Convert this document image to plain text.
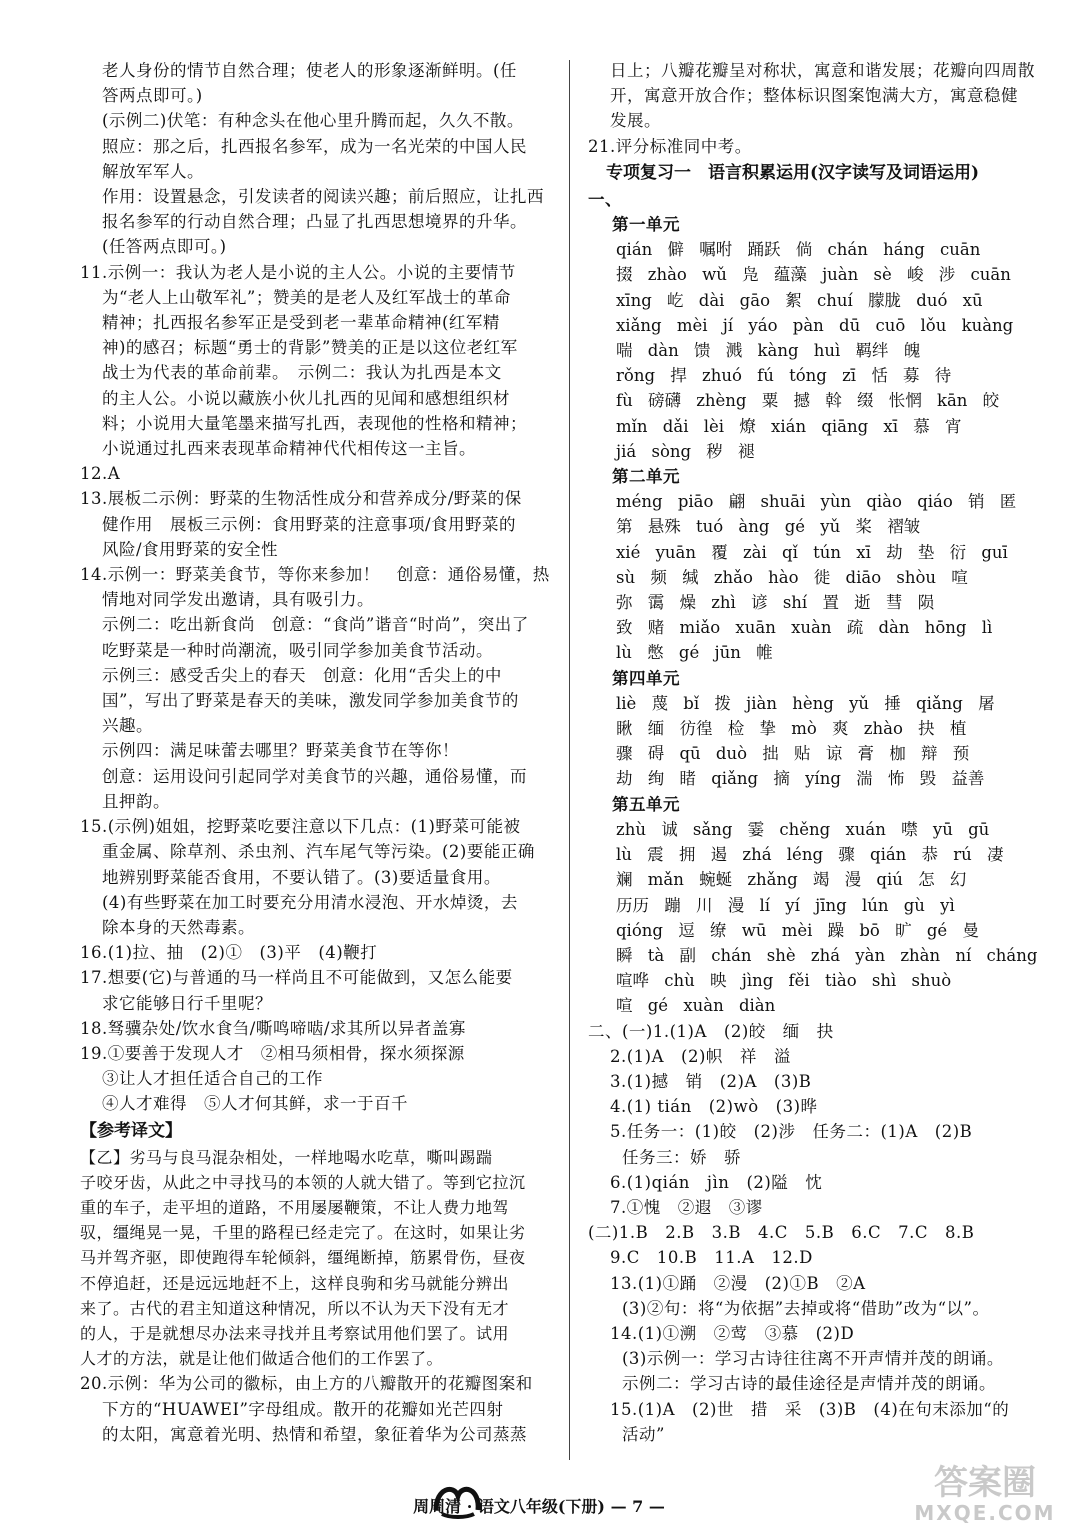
老人身份的情节自然合理；使老人的形象逐渐鲜明。(任
答两点即可。)
(示例二)伏笔：有种念头在他心里升腾而起，久久不散。
照应：那之后，扎西报名参军，成为一名光荣的中国人民
解放军军人。
作用：设置悬念，引发读者的阅读兴趣；前后照应，让扎西
报名参军的行动自然合理；凸显了扎西思想境界的升华。
(任答两点即可。)
11.示例一：我认为老人是小说的主人公。小说的主要情节
为“老人上山敬军礼”；赞美的是老人及红军战士的革命
精神；扎西报名参军正是受到老一辈革命精神(红军精
神)的感召；标题“勇士的背影”赞美的正是以这位老红军
战士为代表的革命前辈。　示例二：我认为扎西是本文
的主人公。小说以藏族小伙儿扎西的见闻和感想组织材
料；小说用大量笔墨来描写扎西，表现他的性格和精神；
小说通过扎西来表现革命精神代代相传这一主旨。
12.A
13.展板二示例：野菜的生物活性成分和营养成分/野菜的保
健作用　展板三示例：食用野菜的注意事项/食用野菜的
风险/食用野菜的安全性
14.示例一：野菜美食节，等你来参加！　创意：通俗易懂，热
情地对同学发出邀请，具有吸引力。
示例二：吃出新食尚　创意：“食尚”谐音“时尚”，突出了
吃野菜是一种时尚潮流，吸引同学参加美食节活动。
示例三：感受舌尖上的春天　创意：化用“舌尖上的中
国”，写出了野菜是春天的美味，激发同学参加美食节的
兴趣。
示例四：满足味蕾去哪里？野菜美食节在等你！
创意：运用设问引起同学对美食节的兴趣，通俗易懂，而
且押韵。
15.(示例)姐姐，挖野菜吃要注意以下几点：(1)野菜可能被
重金属、除草剂、杀虫剂、汽车尾气等污染。(2)要能正确
地辨别野菜能否食用，不要认错了。(3)要适量食用。
(4)有些野菜在加工时要充分用清水浸泡、开水焯烫，去
除本身的天然毒素。
16.(1)拉、抽　(2)①　(3)平　(4)鞭打
17.想要(它)与普通的马一样尚且不可能做到，又怎么能要
求它能够日行千里呢？
18.驽骥杂处/饮水食刍/嘶鸣啼啮/求其所以异者盖寡
19.①要善于发现人才　②相马须相骨，探水须探源
③让人才担任适合自己的工作
④人才难得　⑤人才何其鲜，求一于百千
【参考译文】
【乙】劣马与良马混杂相处，一样地喝水吃草，嘶叫踢踹
子咬牙齿，从此之中寻找马的本领的人就大错了。等到它拉沉
重的车子，走平坦的道路，不用屡屡鞭策，不让人费力地驾
驭，缰绳晃一晃，千里的路程已经走完了。在这时，如果让劣
马并驾齐驱，即使跑得车轮倾斜，缰绳断掉，筋累骨伤，昼夜
不停追赶，还是远远地赶不上，这样良驹和劣马就能分辨出
来了。古代的君主知道这种情况，所以不认为天下没有无才
的人，于是就想尽办法来寻找并且考察试用他们罢了。试用
人才的方法，就是让他们做适合他们的工作罢了。
20.示例：华为公司的徽标，由上方的八瓣散开的花瓣图案和
下方的“HUAWEI”字母组成。散开的花瓣如光芒四射
的太阳，寓意着光明、热情和希望，象征着华为公司蒸蒸
日上；八瓣花瓣呈对称状，寓意和谐发展；花瓣向四周散
开，寓意开放合作；整体标识图案饱满大方，寓意稳健
发展。
21.评分标准同中考。
专项复习一　语言积累运用(汉字读写及词语运用)
一、
第一单元
qián 僻 嘱咐 踊跃 倘 chán háng cuān
掇 zhào wǔ 凫 蕴藻 juàn sè 峻 涉 cuān
xīng 屹 dài gāo 絮 chuí 朦胧 duó xū
xiǎng mèi jí yáo pàn dū cuō lǒu kuàng
喘 dàn 馈 溅 kàng huì 羁绊 魄
rǒng 捍 zhuó fú tóng zī 恬 募 待
fù 磅礴 zhèng 粟 撼 斡 缀 怅惘 kān 皎
mǐn dǎi lèi 燎 xián qiāng xī 慕 宵
jiá sòng 秽 褪
第二单元
méng piāo 翩 shuāi yùn qiào qiáo 销 匿
第 悬殊 tuó àng gé yǔ 桨 褶皱
xié yuān 覆 zài qǐ tún xī 劫 垫 衍 guī
sù 频 缄 zhǎo hào 徙 diāo shòu 喧
弥 霭 燥 zhì 谚 shí 置 逝 彗 陨
致 赌 miǎo xuān xuàn 疏 dàn hōng lì
lù 憋 gé jūn 帷
第四单元
liè 蔑 bǐ 拨 jiàn hèng yǔ 捶 qiǎng 屠
瞅 缅 彷徨 检 挚 mò 爽 zhào 抉 植
骤 碍 qū duò 拙 贴 谅 膏 枷 辩 预
劫 绚 睹 qiǎng 摘 yíng 湍 怖 毁 益善
第五单元
zhù 诚 sǎng 霎 chěng xuán 噤 yū gū
lù 震 拥 遏 zhá léng 骤 qián 恭 rú 凄
斓 mǎn 蜿蜒 zhǎng 竭 漫 qiú 怎 幻
历历 蹦 川 漫 lí yí jīng lún gù yì
qióng 逗 缭 wū mèi 躁 bō 旷 gé 曼
瞬 tà 副 chán shè zhá yàn zhàn ní cháng
喧哗 chù 映 jìng fěi tiào shì shuò
喧 gé xuàn diàn
二、(一)1.(1)A　(2)皎　缅　抉
2.(1)A　(2)帜　祥　溢
3.(1)撼　销　(2)A　(3)B
4.(1) tián　(2)wò　(3)晔
5.任务一：(1)皎　(2)涉　任务二：(1)A　(2)B
任务三：娇　骄
6.(1)qián　jìn　(2)隘　忱
7.①愧　②遐　③谬
(二)1.B　2.B　3.B　4.C　5.B　6.C　7.C　8.B
9.C　10.B　11.A　12.D
13.(1)①踊　②漫　(2)①B　②A
(3)②句：将“为依据”去掉或将“借助”改为“以”。
14.(1)①溯　②莺　③慕　(2)D
(3)示例一：学习古诗往往离不开声情并茂的朗诵。
示例二：学习古诗的最佳途径是声情并茂的朗诵。
15.(1)A　(2)世　措　采　(3)B　(4)在句末添加“的
活动”
周周清 · 语文八年级(下册) — 7 —
答案圈
MXQE.COM
